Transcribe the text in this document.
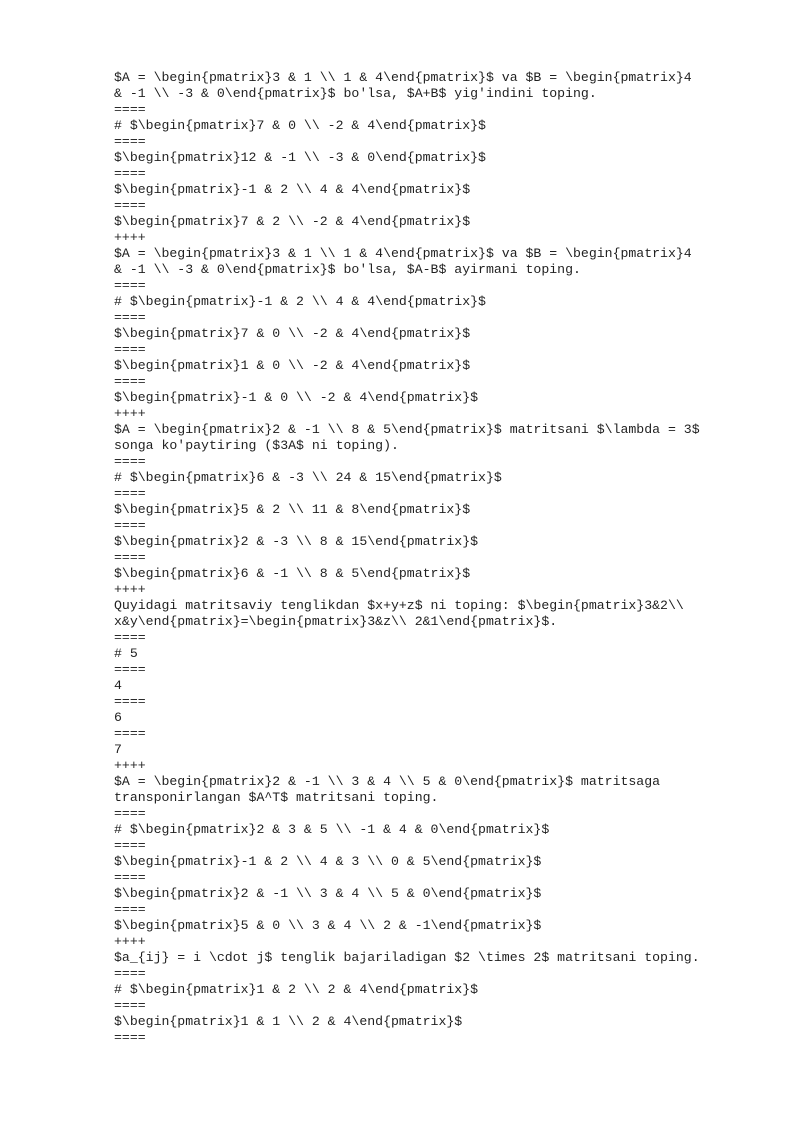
$A = \begin{pmatrix}3 & 1 \\ 1 & 4\end{pmatrix}$ va $B = \begin{pmatrix}4
& -1 \\ -3 & 0\end{pmatrix}$ bo'lsa, $A+B$ yig'indini toping.
====
# $\begin{pmatrix}7 & 0 \\ -2 & 4\end{pmatrix}$
====
$\begin{pmatrix}12 & -1 \\ -3 & 0\end{pmatrix}$
====
$\begin{pmatrix}-1 & 2 \\ 4 & 4\end{pmatrix}$
====
$\begin{pmatrix}7 & 2 \\ -2 & 4\end{pmatrix}$
++++
$A = \begin{pmatrix}3 & 1 \\ 1 & 4\end{pmatrix}$ va $B = \begin{pmatrix}4
& -1 \\ -3 & 0\end{pmatrix}$ bo'lsa, $A-B$ ayirmani toping.
====
# $\begin{pmatrix}-1 & 2 \\ 4 & 4\end{pmatrix}$
====
$\begin{pmatrix}7 & 0 \\ -2 & 4\end{pmatrix}$
====
$\begin{pmatrix}1 & 0 \\ -2 & 4\end{pmatrix}$
====
$\begin{pmatrix}-1 & 0 \\ -2 & 4\end{pmatrix}$
++++
$A = \begin{pmatrix}2 & -1 \\ 8 & 5\end{pmatrix}$ matritsani $\lambda = 3$
songa ko'paytiring ($3A$ ni toping).
====
# $\begin{pmatrix}6 & -3 \\ 24 & 15\end{pmatrix}$
====
$\begin{pmatrix}5 & 2 \\ 11 & 8\end{pmatrix}$
====
$\begin{pmatrix}2 & -3 \\ 8 & 15\end{pmatrix}$
====
$\begin{pmatrix}6 & -1 \\ 8 & 5\end{pmatrix}$
++++
Quyidagi matritsaviy tenglikdan $x+y+z$ ni toping: $\begin{pmatrix}3&2\\
x&y\end{pmatrix}=\begin{pmatrix}3&z\\ 2&1\end{pmatrix}$.
====
# 5
====
4
====
6
====
7
++++
$A = \begin{pmatrix}2 & -1 \\ 3 & 4 \\ 5 & 0\end{pmatrix}$ matritsaga
transponirlangan $A^T$ matritsani toping.
====
# $\begin{pmatrix}2 & 3 & 5 \\ -1 & 4 & 0\end{pmatrix}$
====
$\begin{pmatrix}-1 & 2 \\ 4 & 3 \\ 0 & 5\end{pmatrix}$
====
$\begin{pmatrix}2 & -1 \\ 3 & 4 \\ 5 & 0\end{pmatrix}$
====
$\begin{pmatrix}5 & 0 \\ 3 & 4 \\ 2 & -1\end{pmatrix}$
++++
$a_{ij} = i \cdot j$ tenglik bajariladigan $2 \times 2$ matritsani toping.
====
# $\begin{pmatrix}1 & 2 \\ 2 & 4\end{pmatrix}$
====
$\begin{pmatrix}1 & 1 \\ 2 & 4\end{pmatrix}$
====
